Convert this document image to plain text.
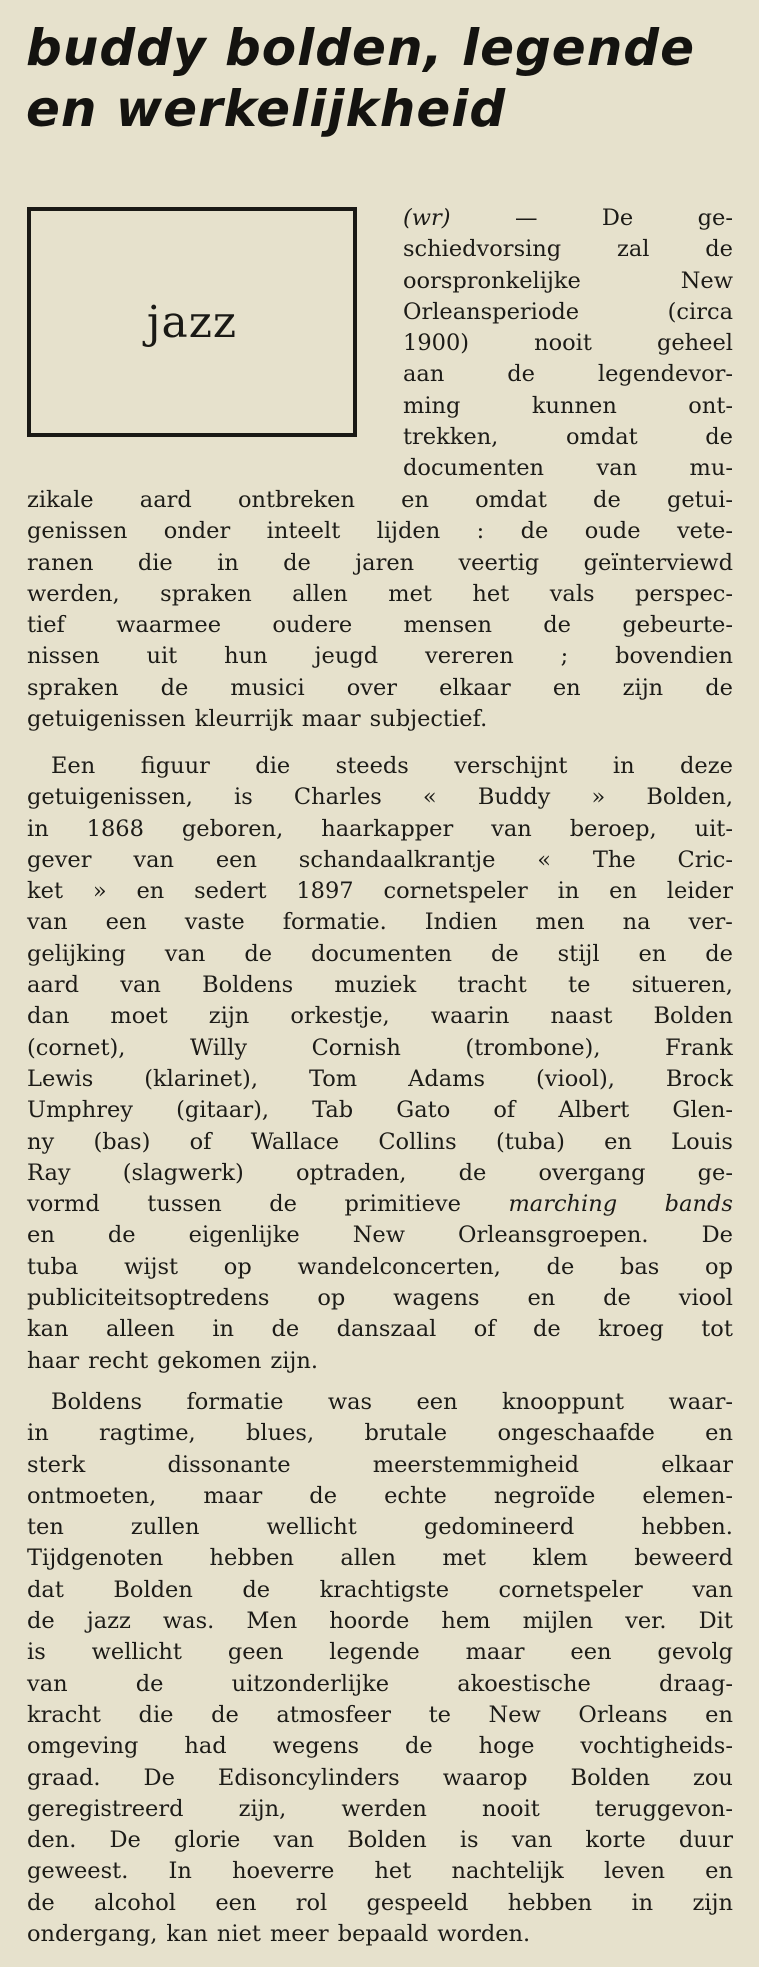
buddy bolden, legende
en werkelijkheid
jazz
(wr)	—	De	ge-
schiedvorsing zal de
oorspronkelijke	New
Orleansperiode	(circa
1900)	nooit	geheel
aan	de	legendevor-
ming	kunnen	ont-
trekken,	omdat	de
documenten van mu-
zikale aard ontbreken en omdat de getui-
genissen onder inteelt lijden : de oude vete-
ranen die in de jaren veertig geïnterviewd
werden, spraken allen met het vals perspec-
tief waarmee oudere mensen de gebeurte-
nissen uit hun jeugd vereren ; bovendien
spraken de musici over elkaar en zijn de
getuigenissen kleurrijk maar subjectief.
Een figuur die steeds verschijnt in deze
getuigenissen, is Charles « Buddy » Bolden,
in 1868 geboren, haarkapper van beroep, uit-
gever van een schandaalkrantje « The Cric-
ket » en sedert 1897 cornetspeler in en leider
van een vaste formatie. Indien men na ver-
gelijking van de documenten de stijl en de
aard van Boldens muziek tracht te situeren,
dan moet zijn orkestje, waarin naast Bolden
(cornet),	Willy	Cornish	(trombone),	Frank
Lewis (klarinet), Tom Adams (viool), Brock
Umphrey (gitaar), Tab Gato of Albert Glen-
ny (bas) of Wallace Collins (tuba) en Louis
Ray (slagwerk) optraden, de overgang ge-
vormd tussen de primitieve marching bands
en de eigenlijke New Orleansgroepen. De
tuba wijst op wandelconcerten, de bas op
publiciteitsoptredens op wagens en de viool
kan alleen in de danszaal of de kroeg tot
haar recht gekomen zijn.
Boldens formatie was een knooppunt waar-
in ragtime, blues, brutale ongeschaafde en
sterk	dissonante	meerstemmigheid	elkaar
ontmoeten, maar de echte negroïde elemen-
ten	zullen	wellicht	gedomineerd	hebben.
Tijdgenoten hebben allen met klem beweerd
dat Bolden de krachtigste cornetspeler van
de jazz was. Men hoorde hem mijlen ver. Dit
is wellicht geen legende maar een gevolg
van	de	uitzonderlijke	akoestische	draag-
kracht die de atmosfeer te New Orleans en
omgeving had wegens de hoge vochtigheids-
graad. De Edisoncylinders waarop Bolden zou
geregistreerd zijn, werden nooit teruggevon-
den. De glorie van Bolden is van korte duur
geweest. In hoeverre het nachtelijk leven en
de alcohol een rol gespeeld hebben in zijn
ondergang, kan niet meer bepaald worden.
